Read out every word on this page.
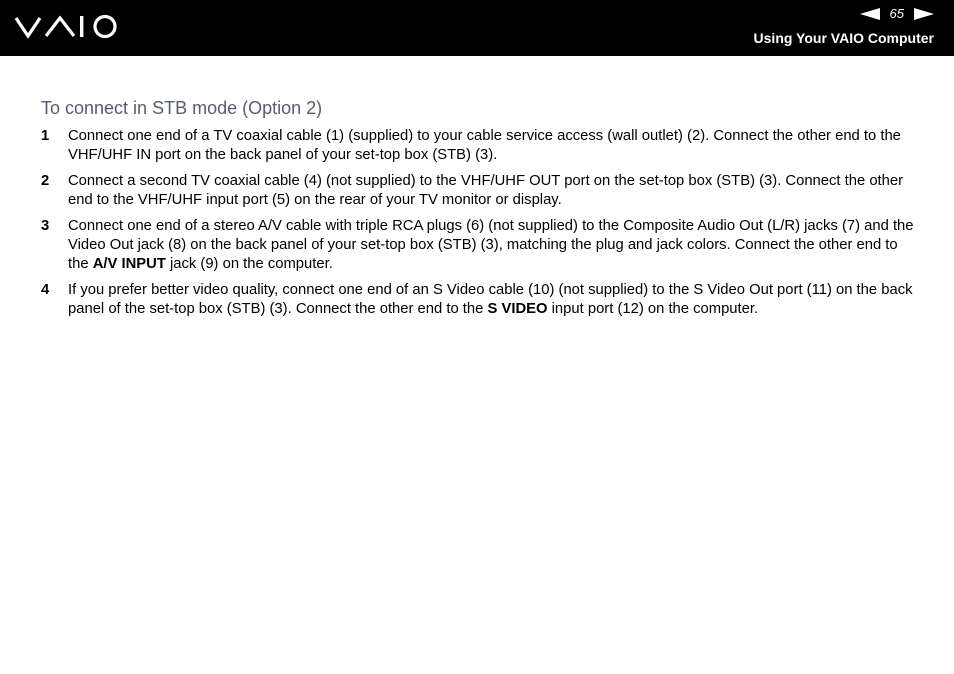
65
Using Your VAIO Computer
To connect in STB mode (Option 2)
1 Connect one end of a TV coaxial cable (1) (supplied) to your cable service access (wall outlet) (2). Connect the other end to the VHF/UHF IN port on the back panel of your set-top box (STB) (3).
2 Connect a second TV coaxial cable (4) (not supplied) to the VHF/UHF OUT port on the set-top box (STB) (3). Connect the other end to the VHF/UHF input port (5) on the rear of your TV monitor or display.
3 Connect one end of a stereo A/V cable with triple RCA plugs (6) (not supplied) to the Composite Audio Out (L/R) jacks (7) and the Video Out jack (8) on the back panel of your set-top box (STB) (3), matching the plug and jack colors. Connect the other end to the A/V INPUT jack (9) on the computer.
4 If you prefer better video quality, connect one end of an S Video cable (10) (not supplied) to the S Video Out port (11) on the back panel of the set-top box (STB) (3). Connect the other end to the S VIDEO input port (12) on the computer.
